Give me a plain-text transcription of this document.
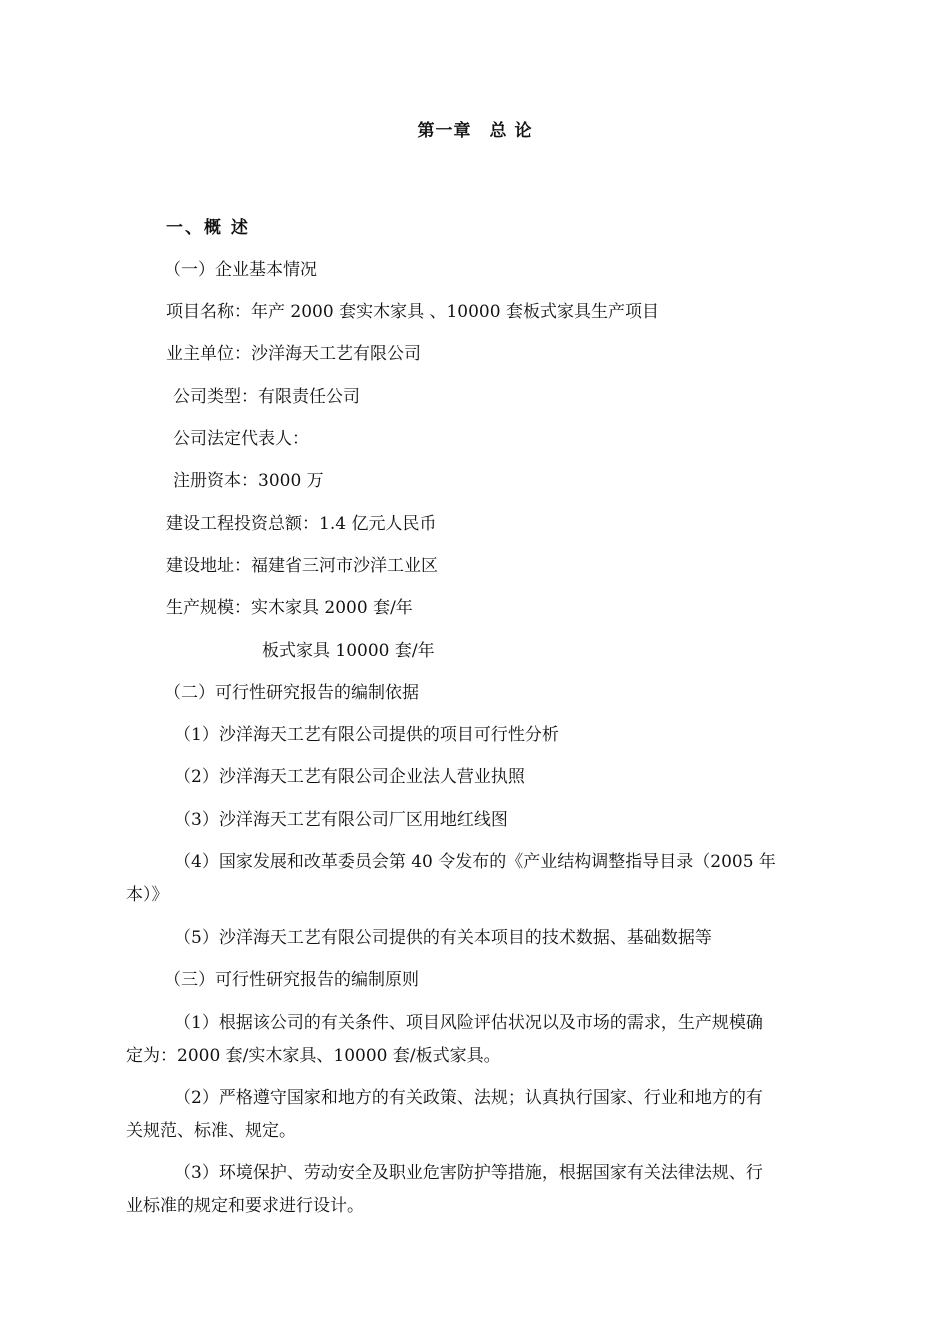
第一章　总 论
一、概 述
（一）企业基本情况
项目名称：年产 2000 套实木家具 、10000 套板式家具生产项目
业主单位：沙洋海天工艺有限公司
公司类型：有限责任公司
公司法定代表人：
注册资本：3000 万
建设工程投资总额：1.4 亿元人民币
建设地址：福建省三河市沙洋工业区
生产规模：实木家具 2000 套/年
板式家具 10000 套/年
（二）可行性研究报告的编制依据
（1）沙洋海天工艺有限公司提供的项目可行性分析
（2）沙洋海天工艺有限公司企业法人营业执照
（3）沙洋海天工艺有限公司厂区用地红线图
（4）国家发展和改革委员会第 40 令发布的《产业结构调整指导目录（2005 年
本）》
（5）沙洋海天工艺有限公司提供的有关本项目的技术数据、基础数据等
（三）可行性研究报告的编制原则
（1）根据该公司的有关条件、项目风险评估状况以及市场的需求，生产规模确
定为：2000 套/实木家具、10000 套/板式家具。
（2）严格遵守国家和地方的有关政策、法规；认真执行国家、行业和地方的有
关规范、标准、规定。
（3）环境保护、劳动安全及职业危害防护等措施，根据国家有关法律法规、行
业标准的规定和要求进行设计。
